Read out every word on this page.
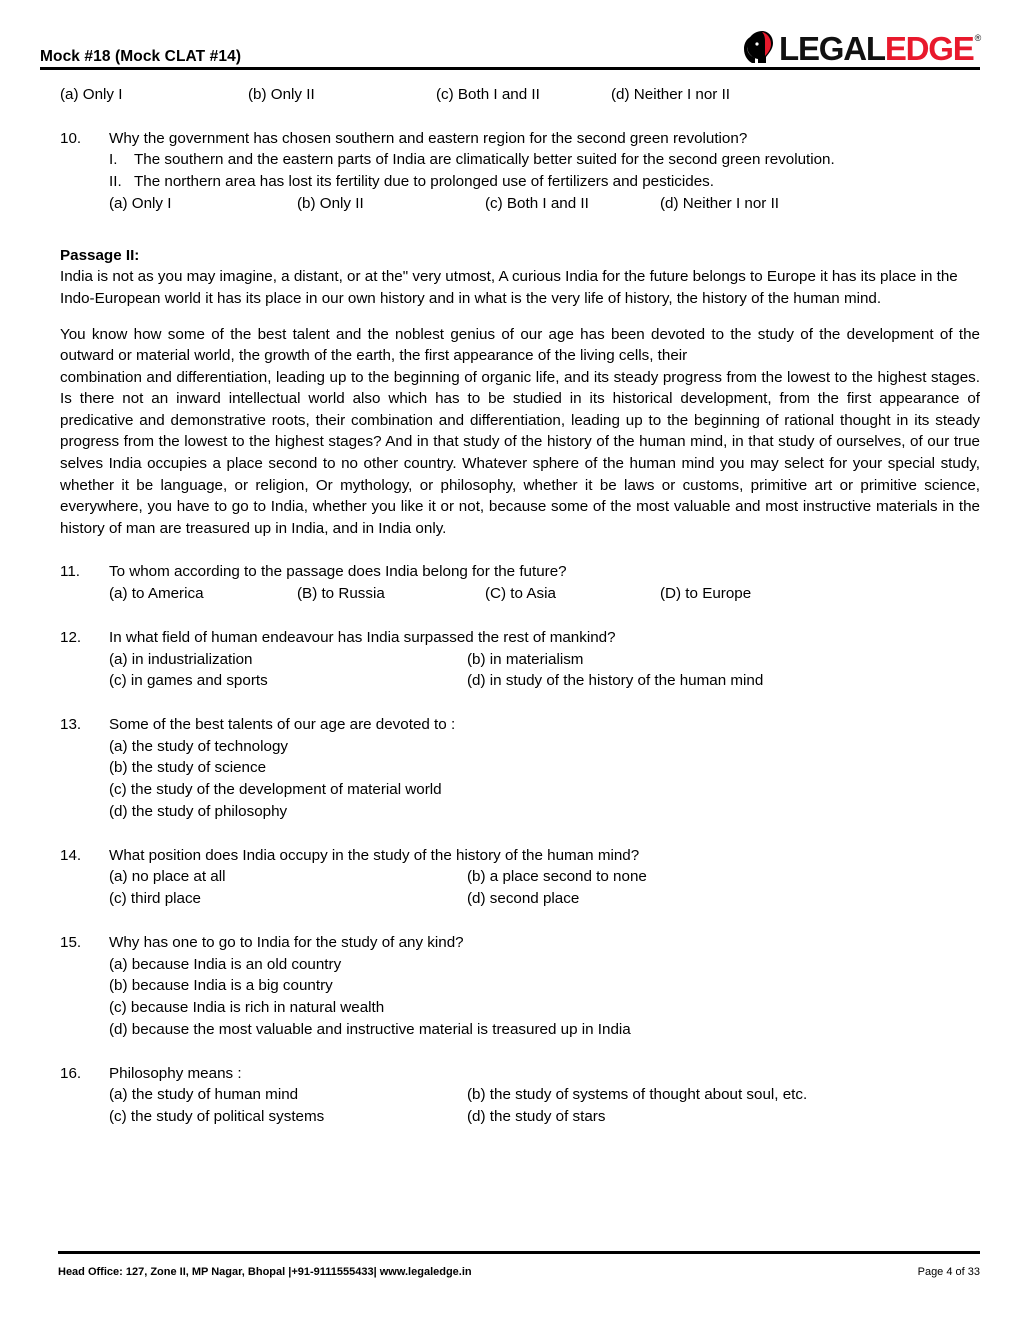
Mock #18 (Mock CLAT #14)	LEGAL EDGE ®
(a) Only I	(b) Only II	(c) Both I and II	(d) Neither I nor II
10.	Why the government has chosen southern and eastern region for the second green revolution?
I.	The southern and the eastern parts of India are climatically better suited for the second green revolution.
II. The northern area has lost its fertility due to prolonged use of fertilizers and pesticides.
(a) Only I	(b) Only II	(c) Both I and II	(d) Neither I nor II
Passage II:
India is not as you may imagine, a distant, or at the" very utmost, A curious India for the future belongs to Europe it has its place in the Indo-European world it has its place in our own history and in what is the very life of history, the history of the human mind.
You know how some of the best talent and the noblest genius of our age has been devoted to the study of the development of the outward or material world, the growth of the earth, the first appearance of the living cells, their
combination and differentiation, leading up to the beginning of organic life, and its steady progress from the lowest to the highest stages. Is there not an inward intellectual world also which has to be studied in its historical development, from the first appearance of predicative and demonstrative roots, their combination and differentiation, leading up to the beginning of rational thought in its steady progress from the lowest to the highest stages? And in that study of the history of the human mind, in that study of ourselves, of our true selves India occupies a place second to no other country. Whatever sphere of the human mind you may select for your special study, whether it be language, or religion, Or mythology, or philosophy, whether it be laws or customs, primitive art or primitive science, everywhere, you have to go to India, whether you like it or not, because some of the most valuable and most instructive materials in the history of man are treasured up in India, and in India only.
11.	To whom according to the passage does India belong for the future?
(a) to America	(B) to Russia	(C) to Asia	(D) to Europe
12.	In what field of human endeavour has India surpassed the rest of mankind?
(a) in industrialization	(b) in materialism
(c) in games and sports	(d) in study of the history of the human mind
13.	Some of the best talents of our age are devoted to :
(a) the study of technology
(b) the study of science
(c) the study of the development of material world
(d) the study of philosophy
14.	What position does India occupy in the study of the history of the human mind?
(a) no place at all	(b) a place second to none
(c) third place	(d) second place
15.	Why has one to go to India for the study of any kind?
(a) because India is an old country
(b) because India is a big country
(c) because India is rich in natural wealth
(d) because the most valuable and instructive material is treasured up in India
16.	Philosophy means :
(a) the study of human mind	(b) the study of systems of thought about soul, etc.
(c) the study of political systems	(d) the study of stars
Head Office: 127, Zone II, MP Nagar, Bhopal |+91-9111555433| www.legaledge.in	Page 4 of 33
